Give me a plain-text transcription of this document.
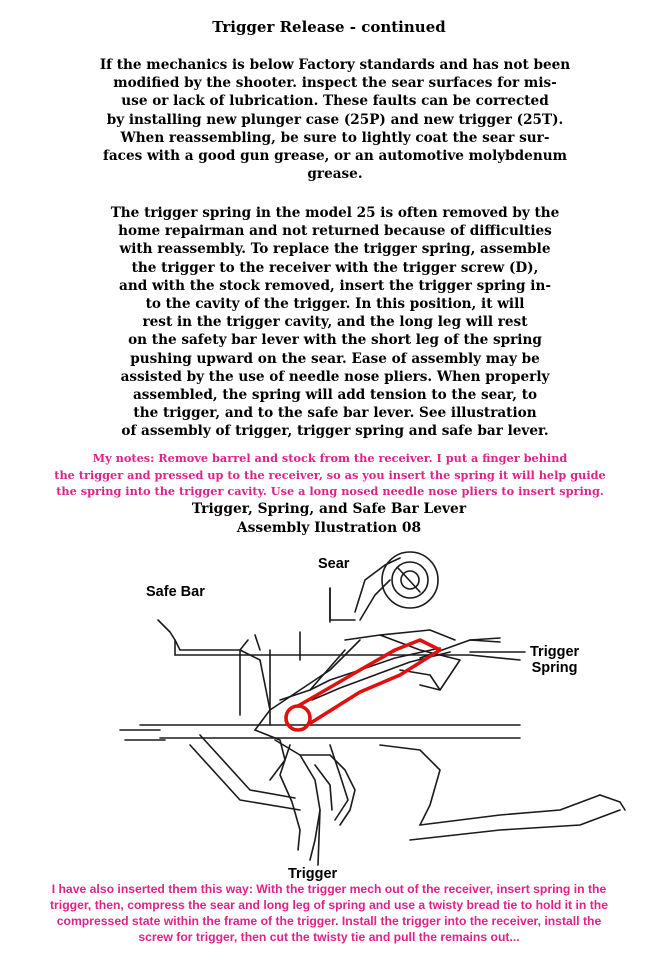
Trigger Release - continued
If the mechanics is below Factory standards and has not been
modified by the shooter. inspect the sear surfaces for mis-
use or lack of lubrication. These faults can be corrected
by installing new plunger case (25P) and new trigger (25T).
When reassembling, be sure to lightly coat the sear sur-
faces with a good gun grease, or an automotive molybdenum
grease.
The trigger spring in the model 25 is often removed by the
home repairman and not returned because of difficulties
with reassembly. To replace the trigger spring, assemble
the trigger to the receiver with the trigger screw (D),
and with the stock removed, insert the trigger spring in-
to the cavity of the trigger. In this position, it will
rest in the trigger cavity, and the long leg will rest
on the safety bar lever with the short leg of the spring
pushing upward on the sear. Ease of assembly may be
assisted by the use of needle nose pliers. When properly
assembled, the spring will add tension to the sear, to
the trigger, and to the safe bar lever. See illustration
of assembly of trigger, trigger spring and safe bar lever.
My notes: Remove barrel and stock from the receiver. I put a finger behind
the trigger and pressed up to the receiver, so as you insert the spring it will help guide
the spring into the trigger cavity. Use a long nosed needle nose pliers to insert spring.
Trigger, Spring, and Safe Bar Lever
Assembly Ilustration 08
Sear
Safe Bar
Trigger
Spring
Trigger
I have also inserted them this way: With the trigger mech out of the receiver, insert spring in the
trigger, then, compress the sear and long leg of spring and use a twisty bread tie to hold it in the
compressed state within the frame of the trigger. Install the trigger into the receiver, install the
screw for trigger, then cut the twisty tie and pull the remains out...
